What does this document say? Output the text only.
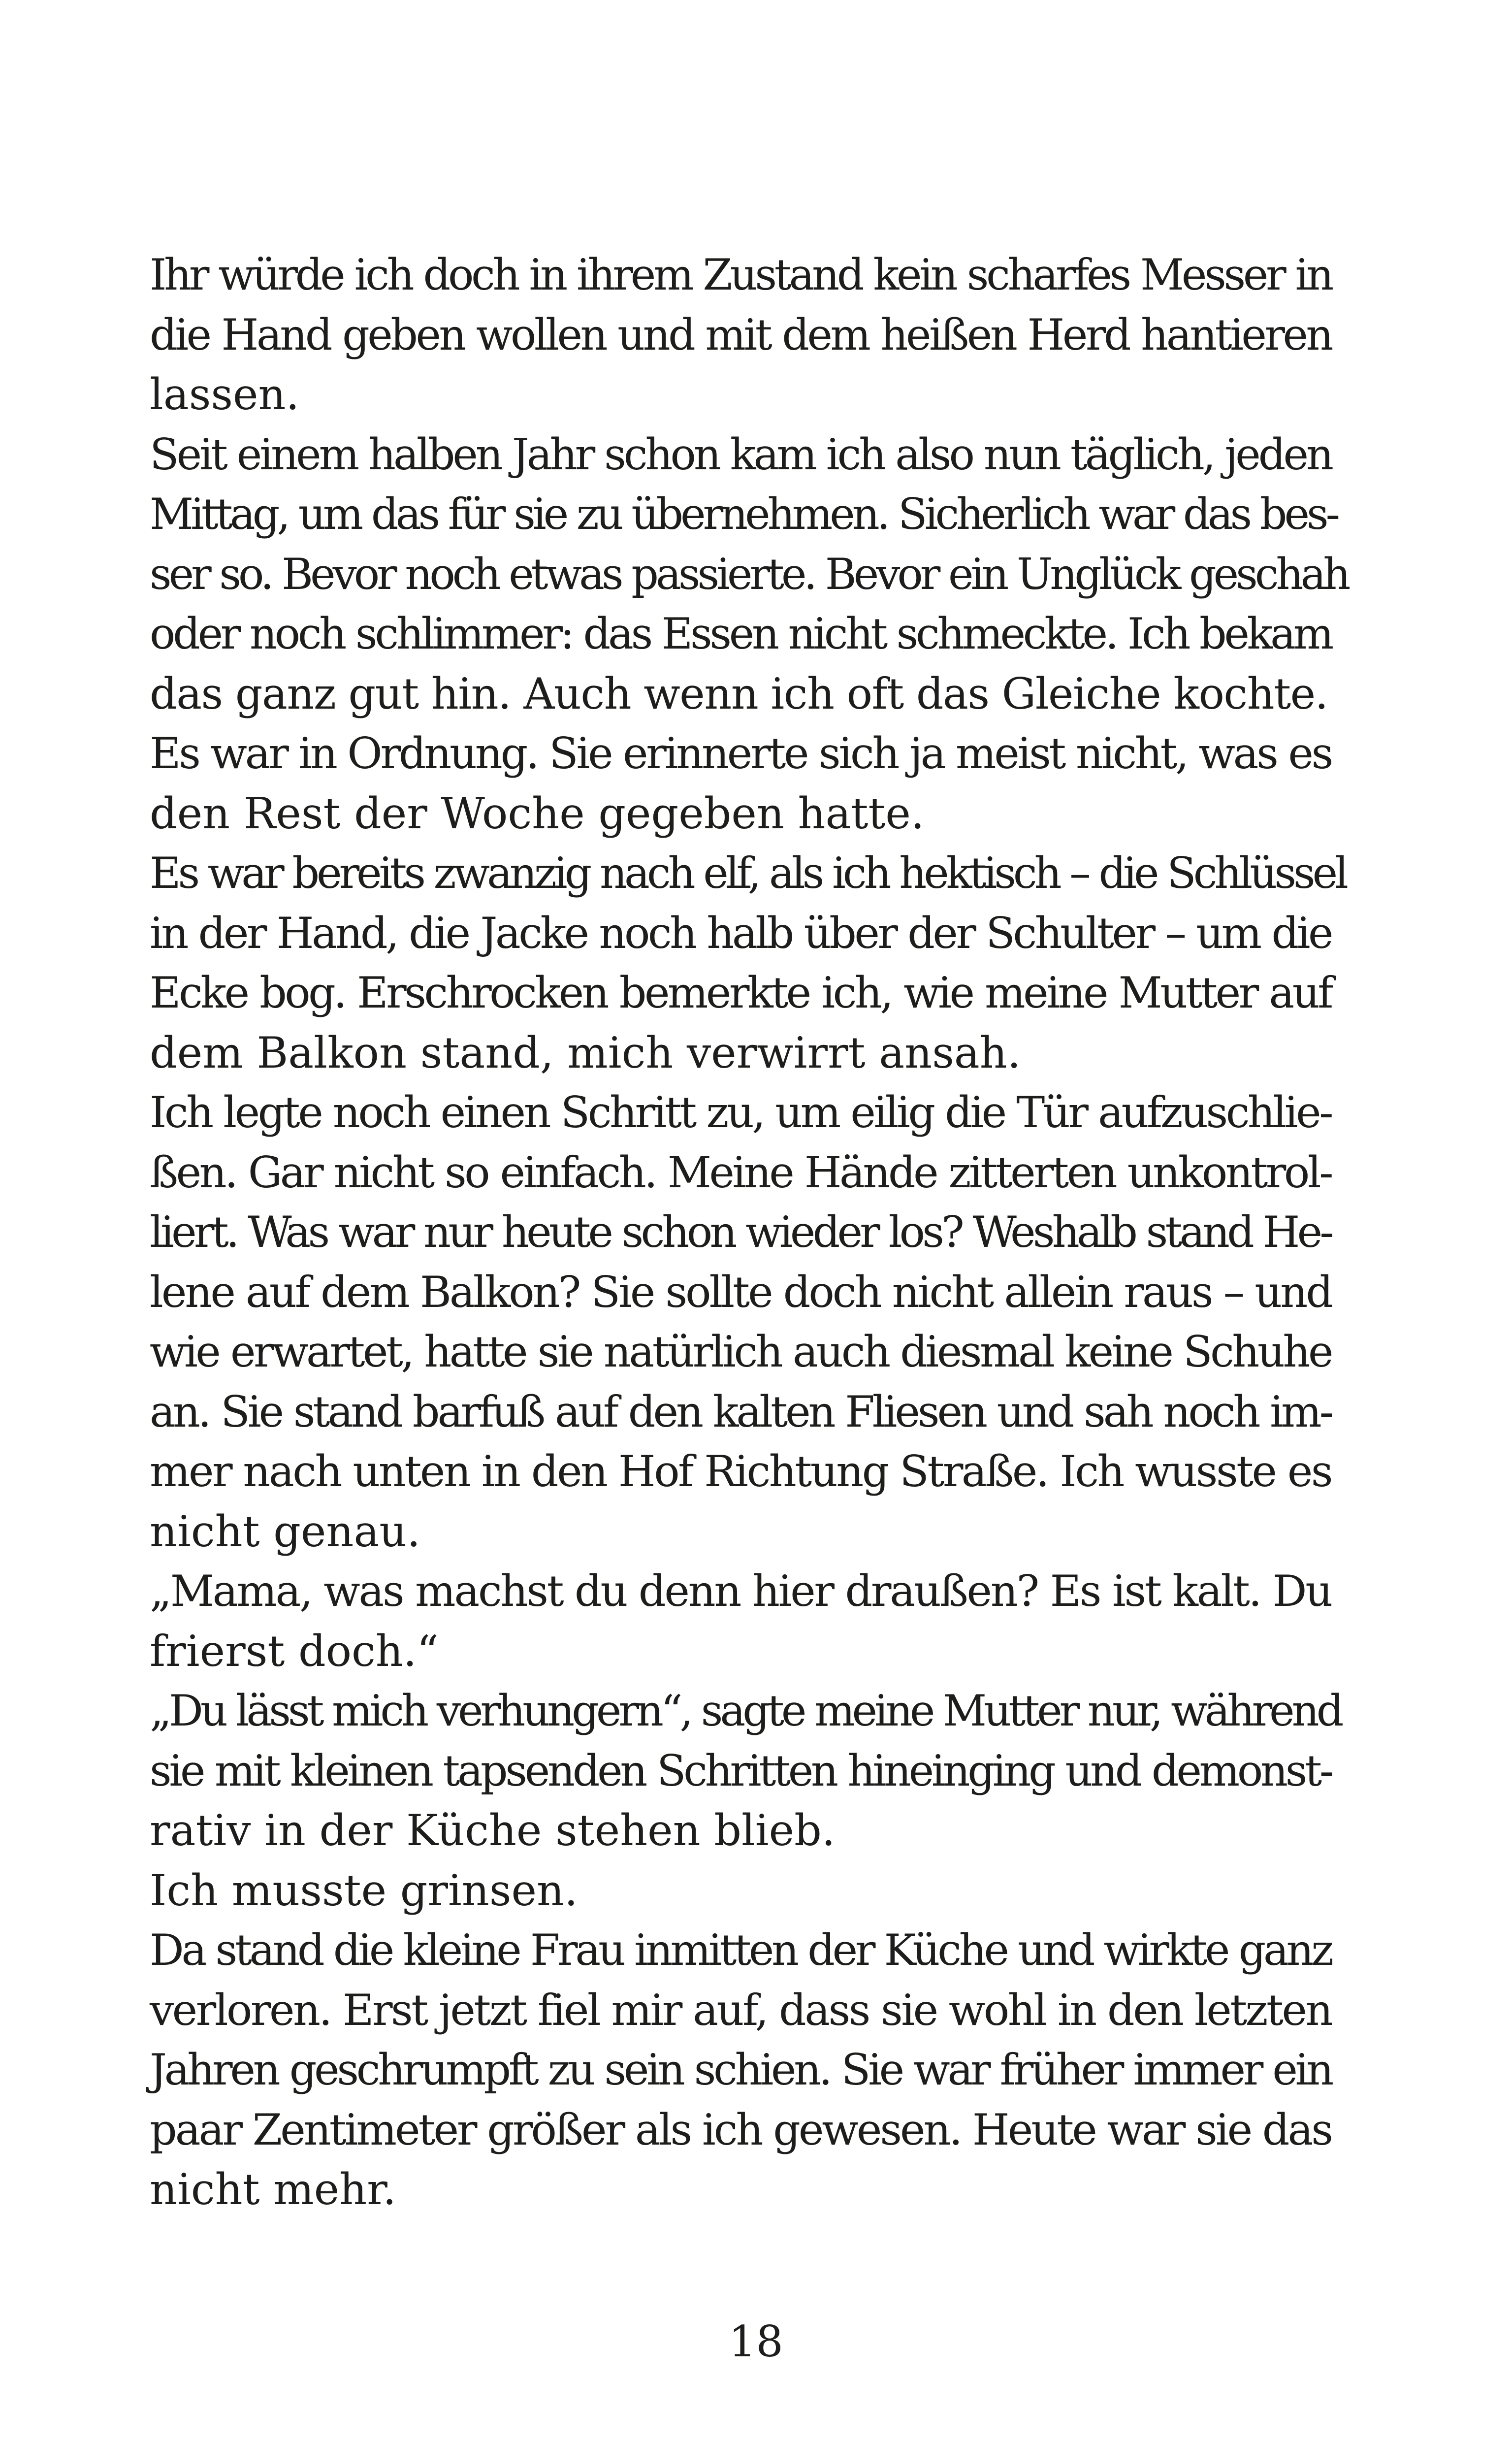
Ihr würde ich doch in ihrem Zustand kein scharfes Messer in
die Hand geben wollen und mit dem heißen Herd hantieren
lassen.
Seit einem halben Jahr schon kam ich also nun täglich, jeden
Mittag, um das für sie zu übernehmen. Sicherlich war das bes-
ser so. Bevor noch etwas passierte. Bevor ein Unglück geschah
oder noch schlimmer: das Essen nicht schmeckte. Ich bekam
das ganz gut hin. Auch wenn ich oft das Gleiche kochte.
Es war in Ordnung. Sie erinnerte sich ja meist nicht, was es
den Rest der Woche gegeben hatte.
Es war bereits zwanzig nach elf, als ich hektisch – die Schlüssel
in der Hand, die Jacke noch halb über der Schulter – um die
Ecke bog. Erschrocken bemerkte ich, wie meine Mutter auf
dem Balkon stand, mich verwirrt ansah.
Ich legte noch einen Schritt zu, um eilig die Tür aufzuschlie-
ßen. Gar nicht so einfach. Meine Hände zitterten unkontrol-
liert. Was war nur heute schon wieder los? Weshalb stand He-
lene auf dem Balkon? Sie sollte doch nicht allein raus – und
wie erwartet, hatte sie natürlich auch diesmal keine Schuhe
an. Sie stand barfuß auf den kalten Fliesen und sah noch im-
mer nach unten in den Hof Richtung Straße. Ich wusste es
nicht genau.
„Mama, was machst du denn hier draußen? Es ist kalt. Du
frierst doch.“
„Du lässt mich verhungern“, sagte meine Mutter nur, während
sie mit kleinen tapsenden Schritten hineinging und demonst-
rativ in der Küche stehen blieb.
Ich musste grinsen.
Da stand die kleine Frau inmitten der Küche und wirkte ganz
verloren. Erst jetzt fiel mir auf, dass sie wohl in den letzten
Jahren geschrumpft zu sein schien. Sie war früher immer ein
paar Zentimeter größer als ich gewesen. Heute war sie das
nicht mehr.
18
